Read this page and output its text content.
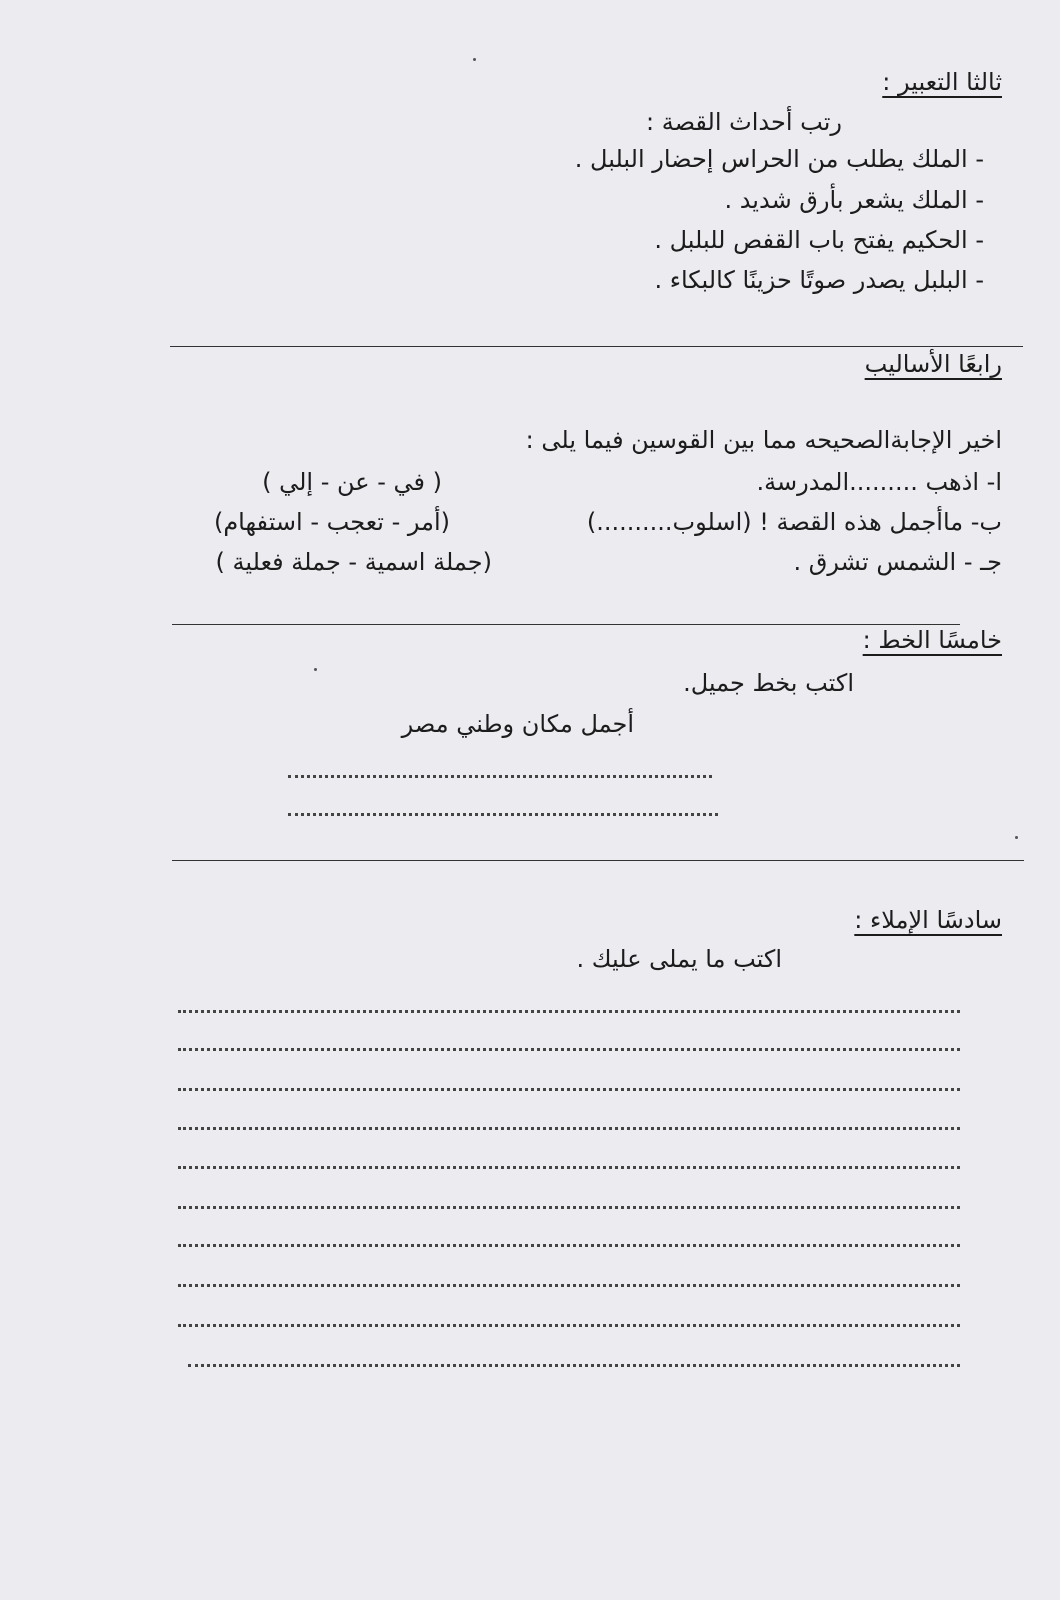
ثالثا التعبير :
رتب أحداث القصة :
- الملك يطلب من الحراس إحضار البلبل .
- الملك يشعر بأرق شديد .
- الحكيم يفتح باب القفص للبلبل .
- البلبل يصدر صوتًا حزينًا كالبكاء .
رابعًا الأساليب
اخير الإجابةالصحيحه مما بين القوسين فيما يلى :
ا- اذهب .........المدرسة.
( في - عن - إلي )
ب- ماأجمل هذه القصة ! (اسلوب..........)
(أمر - تعجب - استفهام)
جـ - الشمس تشرق .
(جملة اسمية - جملة فعلية )
خامسًا الخط :
اكتب بخط جميل.
أجمل مكان وطني مصر
سادسًا الإملاء :
اكتب ما يملى عليك .
